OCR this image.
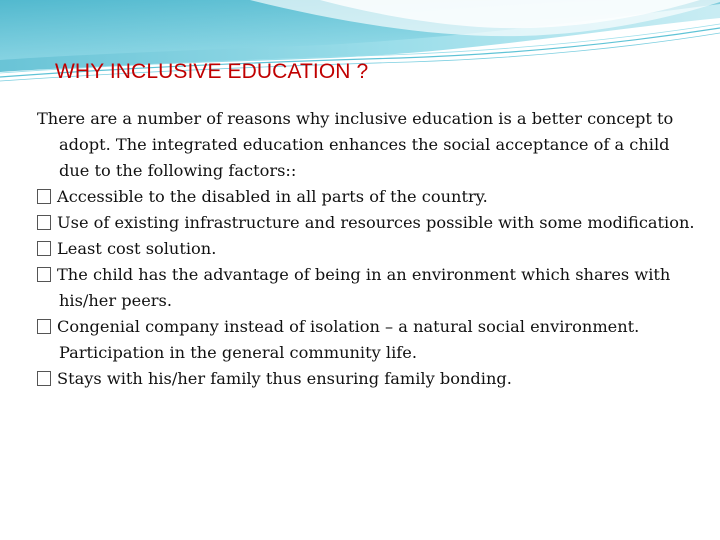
WHY INCLUSIVE EDUCATION ?

There are a number of reasons why inclusive education is a better concept to adopt. The integrated education enhances the social acceptance of a child due to the following factors::

Accessible to the disabled in all parts of the country.

Use of existing infrastructure and resources possible with some modification.

Least cost solution.

The child has the advantage of being in an environment which shares with his/her peers.

Congenial company instead of isolation – a natural social environment. Participation in the general community life.

Stays with his/her family thus ensuring family bonding.
